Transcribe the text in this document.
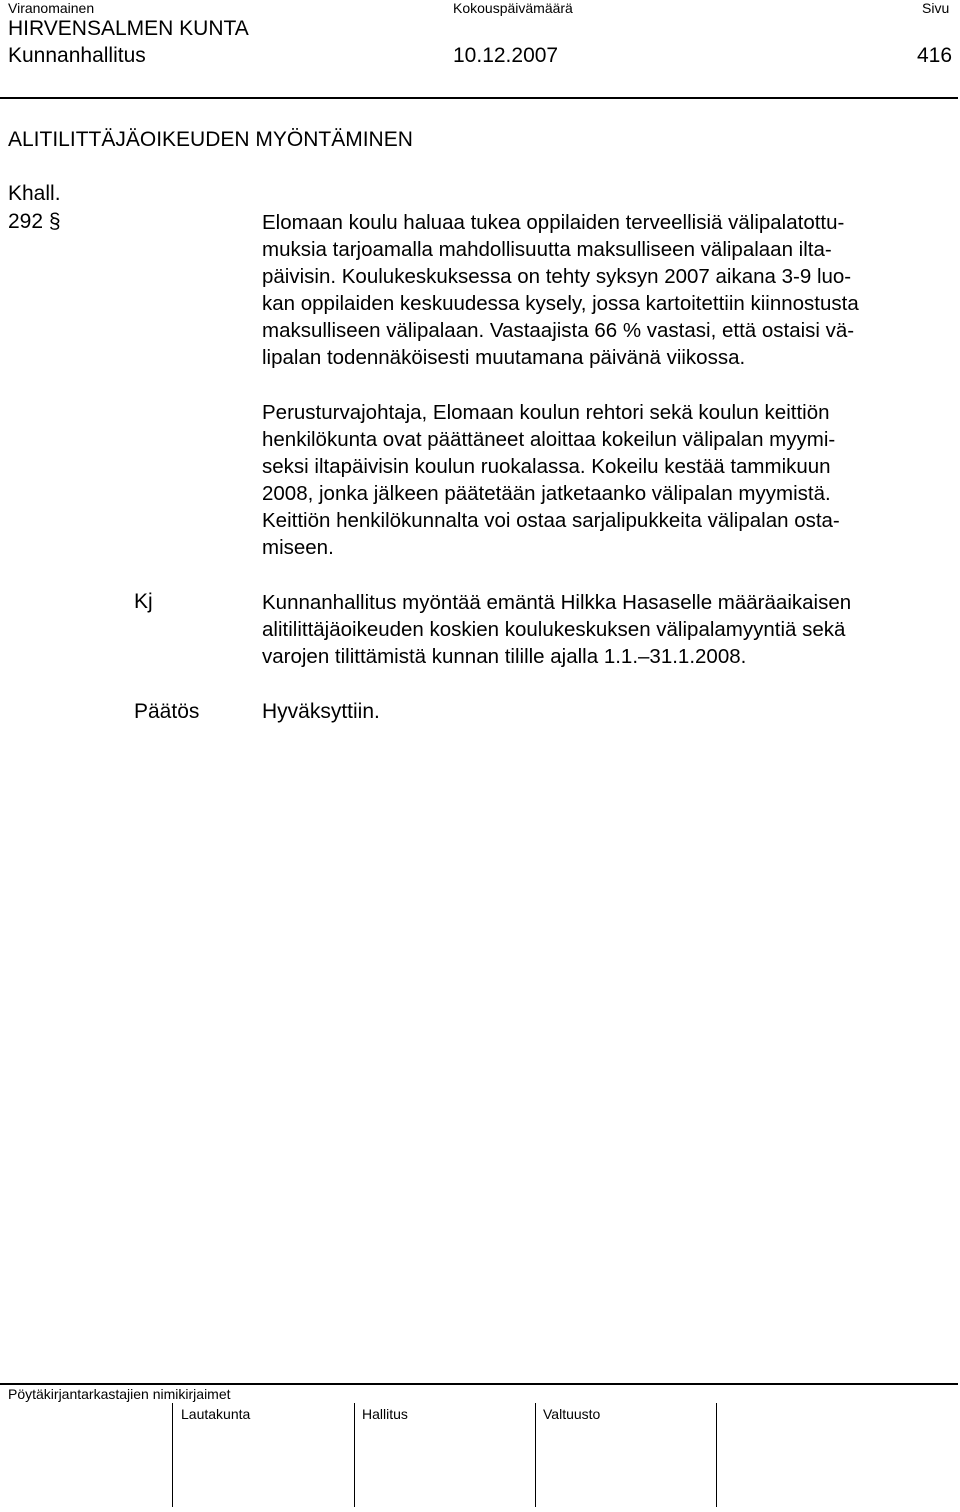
Viranomainen	Kokouspäivämäärä	Sivu
HIRVENSALMEN KUNTA
Kunnanhallitus	10.12.2007	416
ALITILITTÄJÄOIKEUDEN MYÖNTÄMINEN
Khall.
292 §	Elomaan koulu haluaa tukea oppilaiden terveellisiä välipalatottu-
muksia tarjoamalla mahdollisuutta maksulliseen välipalaan ilta-
päivisin. Koulukeskuksessa on tehty syksyn 2007 aikana 3-9 luo-
kan oppilaiden keskuudessa kysely, jossa kartoitettiin kiinnostusta
maksulliseen välipalaan. Vastaajista 66 % vastasi, että ostaisi vä-
lipalan todennäköisesti muutamana päivänä viikossa.
Perusturvajohtaja, Elomaan koulun rehtori sekä koulun keittiön
henkilökunta ovat päättäneet aloittaa kokeilun välipalan myymi-
seksi iltapäivisin koulun ruokalassa. Kokeilu kestää tammikuun
2008, jonka jälkeen päätetään jatketaanko välipalan myymistä.
Keittiön henkilökunnalta voi ostaa sarjalipukkeita välipalan osta-
miseen.
Kj	Kunnanhallitus myöntää emäntä Hilkka Hasaselle määräaikaisen
alitilittäjäoikeuden koskien koulukeskuksen välipalamyyntiä sekä
varojen tilittämistä kunnan tilille ajalla 1.1.–31.1.2008.
Päätös	Hyväksyttiin.
Pöytäkirjantarkastajien nimikirjaimet
Lautakunta	Hallitus	Valtuusto
